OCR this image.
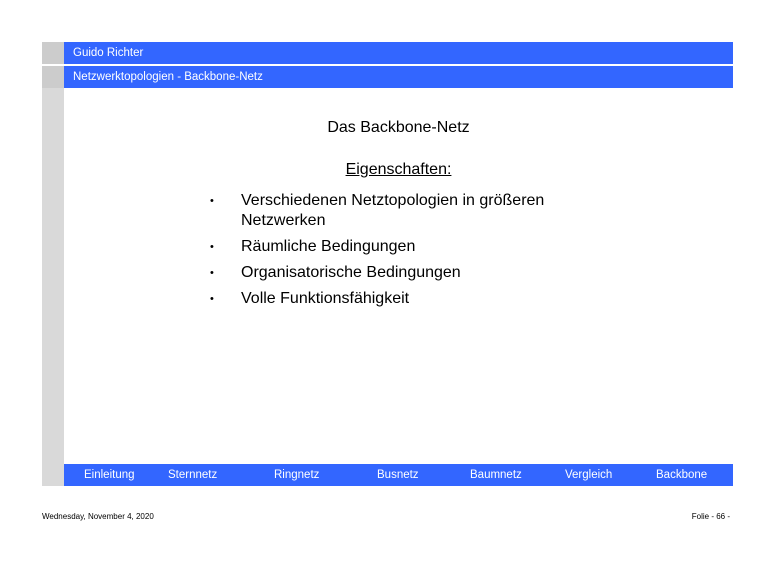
Guido Richter
Netzwerktopologien - Backbone-Netz
Das Backbone-Netz
Eigenschaften:
• Verschiedenen Netztopologien in größeren Netzwerken
• Räumliche Bedingungen
• Organisatorische Bedingungen
• Volle Funktionsfähigkeit
Einleitung	Sternnetz	Ringnetz	Busnetz	Baumnetz	Vergleich	Backbone
Wednesday, November 4, 2020	Folie - 66 -
